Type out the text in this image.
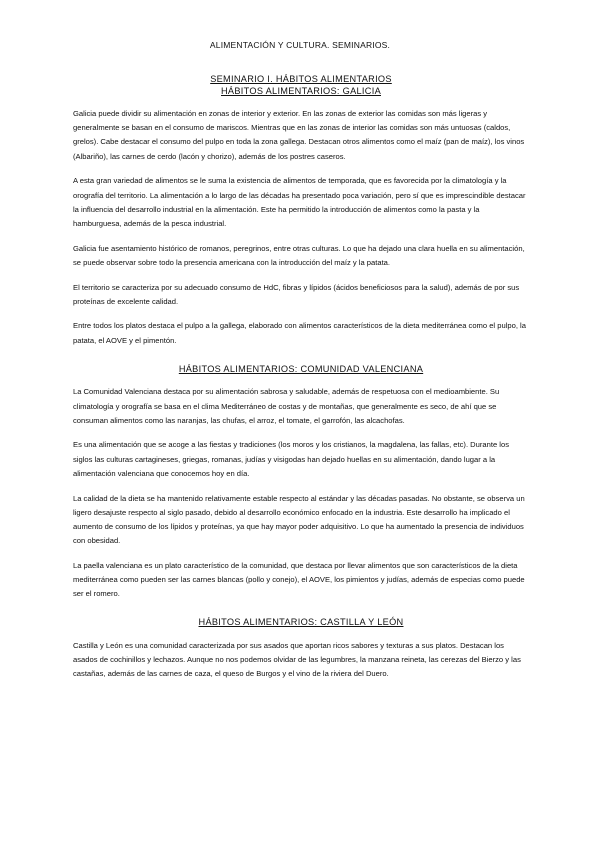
ALIMENTACIÓN Y CULTURA. SEMINARIOS.
SEMINARIO I. HÁBITOS ALIMENTARIOS
HÁBITOS ALIMENTARIOS: GALICIA

Galicia puede dividir su alimentación en zonas de interior y exterior. En las zonas de exterior las comidas son más ligeras y generalmente se basan en el consumo de mariscos. Mientras que en las zonas de interior las comidas son más untuosas (caldos, grelos). Cabe destacar el consumo del pulpo en toda la zona gallega. Destacan otros alimentos como el maíz (pan de maíz), los vinos (Albariño), las carnes de cerdo (lacón y chorizo), además de los postres caseros.

A esta gran variedad de alimentos se le suma la existencia de alimentos de temporada, que es favorecida por la climatología y la orografía del territorio. La alimentación a lo largo de las décadas ha presentado poca variación, pero sí que es imprescindible destacar la influencia del desarrollo industrial en la alimentación. Este ha permitido la introducción de alimentos como la pasta y la hamburguesa, además de la pesca industrial.

Galicia fue asentamiento histórico de romanos, peregrinos, entre otras culturas. Lo que ha dejado una clara huella en su alimentación, se puede observar sobre todo la presencia americana con la introducción del maíz y la patata.

El territorio se caracteriza por su adecuado consumo de HdC, fibras y lípidos (ácidos beneficiosos para la salud), además de por sus proteínas de excelente calidad.

Entre todos los platos destaca el pulpo a la gallega, elaborado con alimentos característicos de la dieta mediterránea como el pulpo, la patata, el AOVE y el pimentón.

HÁBITOS ALIMENTARIOS: COMUNIDAD VALENCIANA

La Comunidad Valenciana destaca por su alimentación sabrosa y saludable, además de respetuosa con el medioambiente. Su climatología y orografía se basa en el clima Mediterráneo de costas y de montañas, que generalmente es seco, de ahí que se consuman alimentos como las naranjas, las chufas, el arroz, el tomate, el garrofón, las alcachofas.

Es una alimentación que se acoge a las fiestas y tradiciones (los moros y los cristianos, la magdalena, las fallas, etc). Durante los siglos las culturas cartagineses, griegas, romanas, judías y visigodas han dejado huellas en su alimentación, dando lugar a la alimentación valenciana que conocemos hoy en día.

La calidad de la dieta se ha mantenido relativamente estable respecto al estándar y las décadas pasadas. No obstante, se observa un ligero desajuste respecto al siglo pasado, debido al desarrollo económico enfocado en la industria. Este desarrollo ha implicado el aumento de consumo de los lípidos y proteínas, ya que hay mayor poder adquisitivo. Lo que ha aumentado la presencia de individuos con obesidad.

La paella valenciana es un plato característico de la comunidad, que destaca por llevar alimentos que son característicos de la dieta mediterránea como pueden ser las carnes blancas (pollo y conejo), el AOVE, los pimientos y judías, además de especias como puede ser el romero.

HÁBITOS ALIMENTARIOS: CASTILLA Y LEÓN

Castilla y León es una comunidad caracterizada por sus asados que aportan ricos sabores y texturas a sus platos. Destacan los asados de cochinillos y lechazos. Aunque no nos podemos olvidar de las legumbres, la manzana reineta, las cerezas del Bierzo y las castañas, además de las carnes de caza, el queso de Burgos y el vino de la riviera del Duero.
